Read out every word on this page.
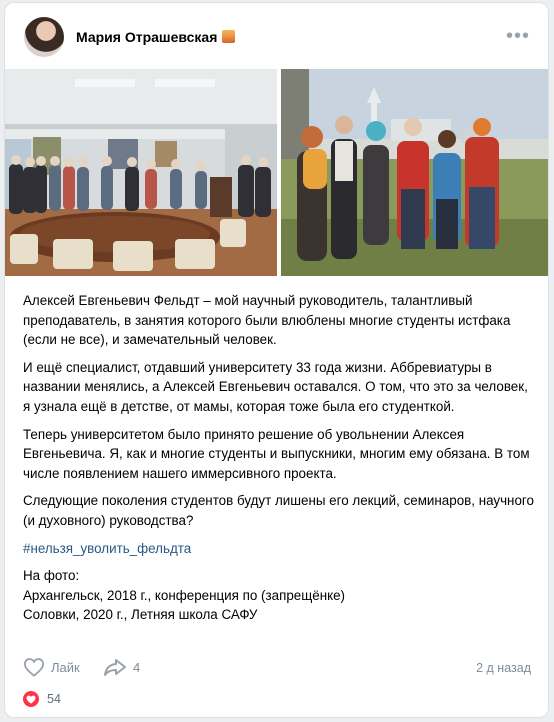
Мария Отрашевская	•••

Алексей Евгеньевич Фельдт – мой научный руководитель, талантливый преподаватель, в занятия которого были влюблены многие студенты истфака (если не все), и замечательный человек.

И ещё специалист, отдавший университету 33 года жизни. Аббревиатуры в названии менялись, а Алексей Евгеньевич оставался. О том, что это за человек, я узнала ещё в детстве, от мамы, которая тоже была его студенткой.

Теперь университетом было принято решение об увольнении Алексея Евгеньевича. Я, как и многие студенты и выпускники, многим ему обязана. В том числе появлением нашего иммерсивного проекта.

Следующие поколения студентов будут лишены его лекций, семинаров, научного (и духовного) руководства?

#нельзя_уволить_фельдта
На фото:
Архангельск, 2018 г., конференция по (запрещёнке)
Соловки, 2020 г., Летняя школа САФУ
Лайк	4	2 д назад
54
